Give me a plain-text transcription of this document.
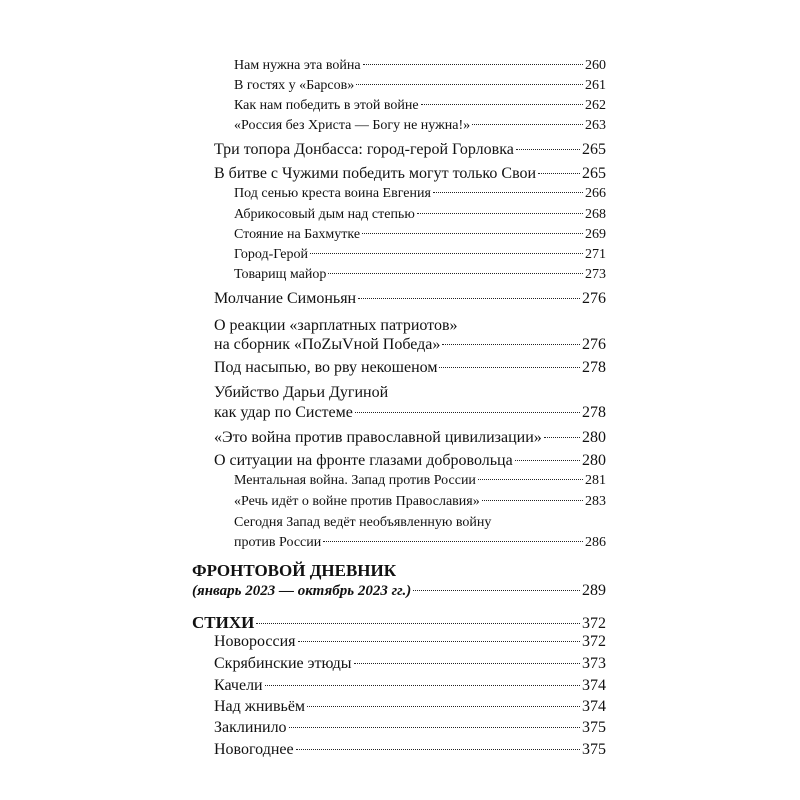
Нам нужна эта война	260
В гостях у «Барсов»	261
Как нам победить в этой войне	262
«Россия без Христа — Богу не нужна!»	263
Три топора Донбасса: город-герой Горловка	265
В битве с Чужими победить могут только Свои	265
Под сенью креста воина Евгения	266
Абрикосовый дым над степью	268
Стояние на Бахмутке	269
Город-Герой	271
Товарищ майор	273
Молчание Симоньян	276
О реакции «зарплатных патриотов»
на сборник «ПоZыVной Победа»	276
Под насыпью, во рву некошеном	278
Убийство Дарьи Дугиной
как удар по Системе	278
«Это война против православной цивилизации»	280
О ситуации на фронте глазами добровольца	280
Ментальная война. Запад против России	281
«Речь идёт о войне против Православия»	283
Сегодня Запад ведёт необъявленную войну
против России	286
ФРОНТОВОЙ ДНЕВНИК
(январь 2023 — октябрь 2023 гг.)	289
СТИХИ	372
Новороссия	372
Скрябинские этюды	373
Качели	374
Над жнивьём	374
Заклинило	375
Новогоднее	375
